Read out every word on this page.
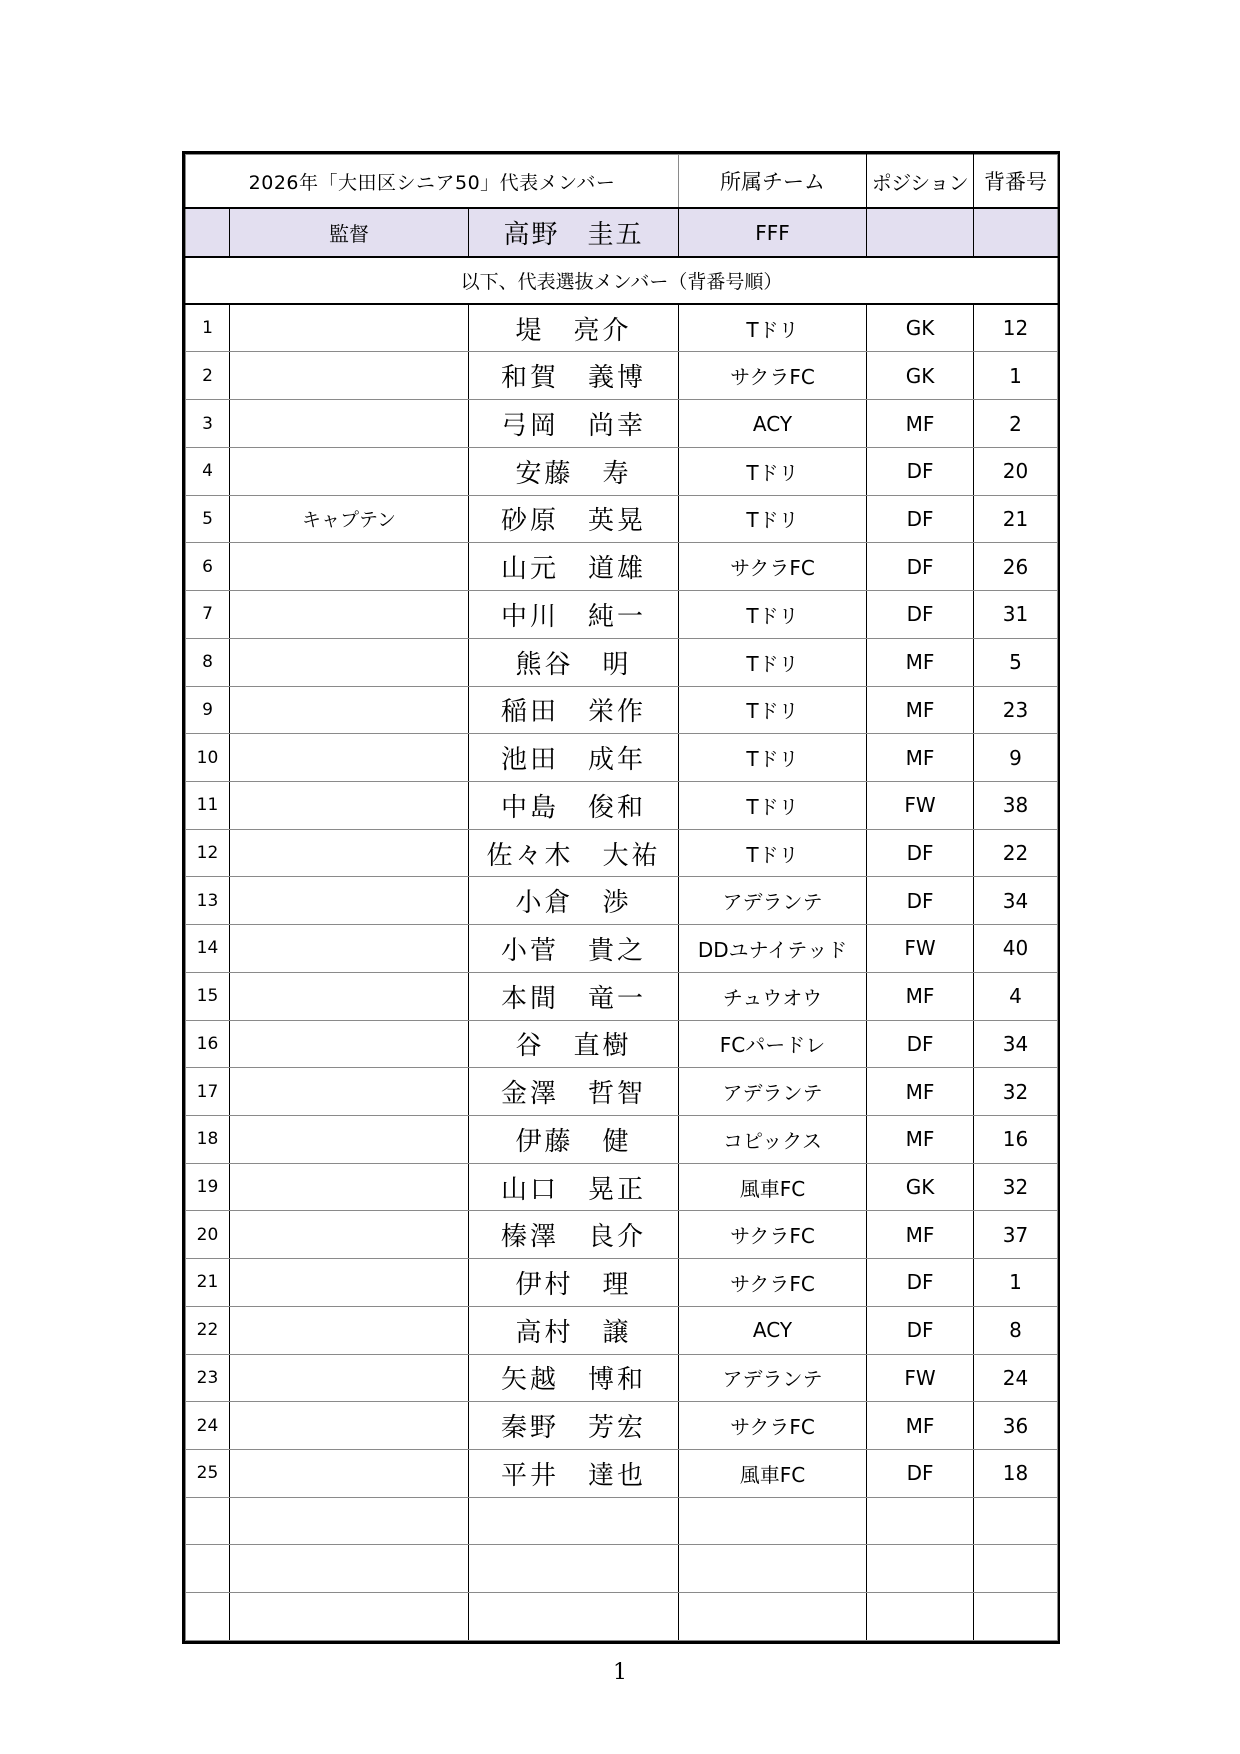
2026年「大田区シニア50」代表メンバー			所属チーム	ポジション	背番号
	監督	高野　圭五	FFF		
以下、代表選抜メンバー（背番号順）					
1		堤　亮介	Tドリ	GK	12
2		和賀　義博	サクラFC	GK	1
3		弓岡　尚幸	ACY	MF	2
4		安藤　寿	Tドリ	DF	20
5	キャプテン	砂原　英晃	Tドリ	DF	21
6		山元　道雄	サクラFC	DF	26
7		中川　純一	Tドリ	DF	31
8		熊谷　明	Tドリ	MF	5
9		稲田　栄作	Tドリ	MF	23
10		池田　成年	Tドリ	MF	9
11		中島　俊和	Tドリ	FW	38
12		佐々木　大祐	Tドリ	DF	22
13		小倉　渉	アデランテ	DF	34
14		小菅　貴之	DDユナイテッド	FW	40
15		本間　竜一	チュウオウ	MF	4
16		谷　直樹	FCパードレ	DF	34
17		金澤　哲智	アデランテ	MF	32
18		伊藤　健	コピックス	MF	16
19		山口　晃正	風車FC	GK	32
20		榛澤　良介	サクラFC	MF	37
21		伊村　理	サクラFC	DF	1
22		高村　譲	ACY	DF	8
23		矢越　博和	アデランテ	FW	24
24		秦野　芳宏	サクラFC	MF	36
25		平井　達也	風車FC	DF	18

1
